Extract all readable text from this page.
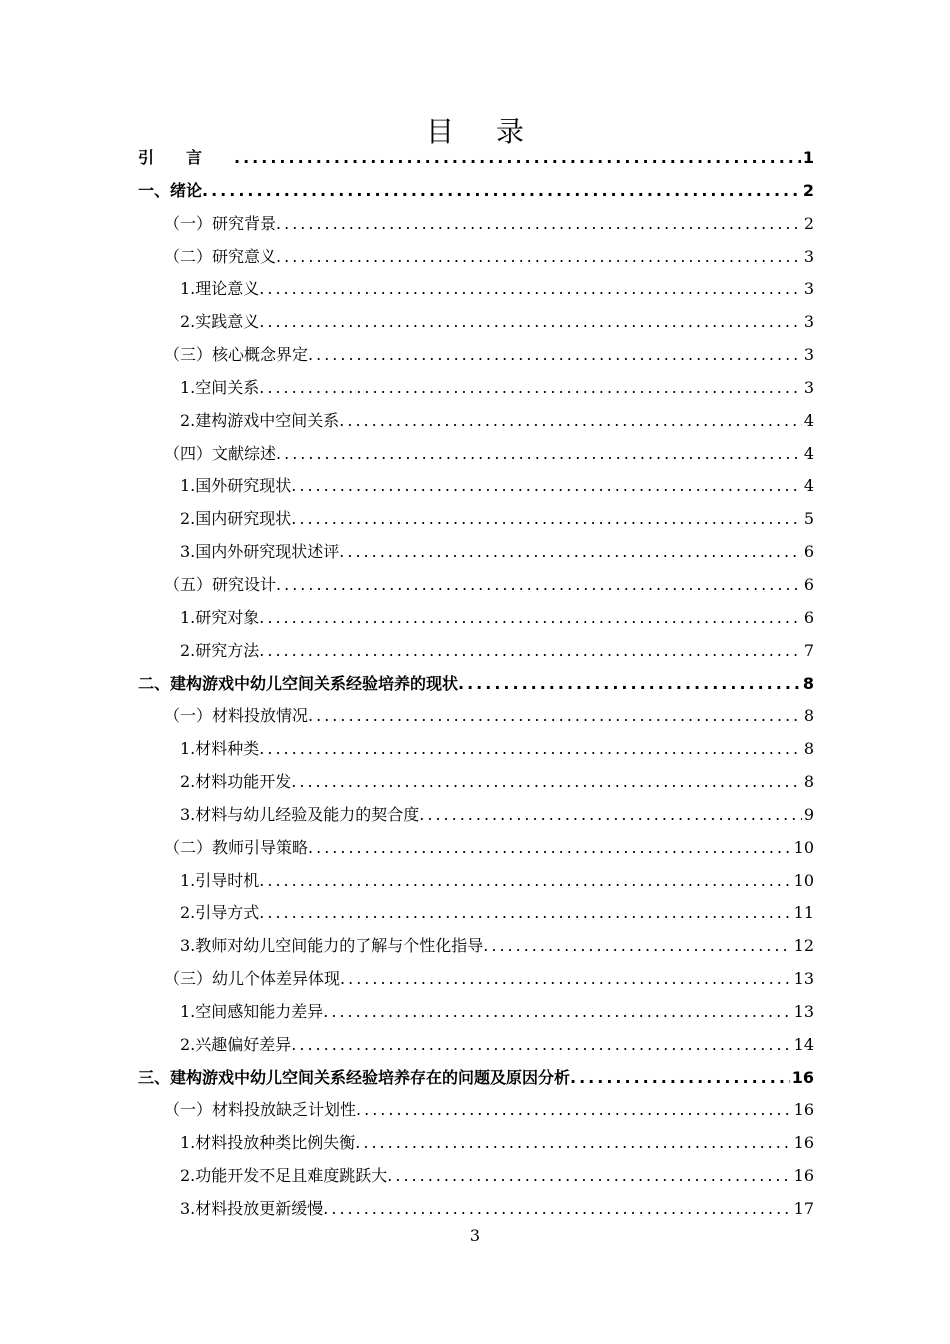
目录
引言 .....	1
一、绪论 .....	2
（一）研究背景 .....	2
（二）研究意义 .....	3
1.理论意义 .....	3
2.实践意义 .....	3
（三）核心概念界定 .....	3
1.空间关系 .....	3
2.建构游戏中空间关系 .....	4
（四）文献综述 .....	4
1.国外研究现状 .....	4
2.国内研究现状 .....	5
3.国内外研究现状述评 .....	6
（五）研究设计 .....	6
1.研究对象 .....	6
2.研究方法 .....	7
二、建构游戏中幼儿空间关系经验培养的现状 .....	8
（一）材料投放情况 .....	8
1.材料种类 .....	8
2.材料功能开发 .....	8
3.材料与幼儿经验及能力的契合度 .....	9
（二）教师引导策略 .....	10
1.引导时机 .....	10
2.引导方式 .....	11
3.教师对幼儿空间能力的了解与个性化指导 .....	12
（三）幼儿个体差异体现 .....	13
1.空间感知能力差异 .....	13
2.兴趣偏好差异 .....	14
三、建构游戏中幼儿空间关系经验培养存在的问题及原因分析 .....	16
（一）材料投放缺乏计划性 .....	16
1.材料投放种类比例失衡 .....	16
2.功能开发不足且难度跳跃大 .....	16
3.材料投放更新缓慢 .....	17
3
